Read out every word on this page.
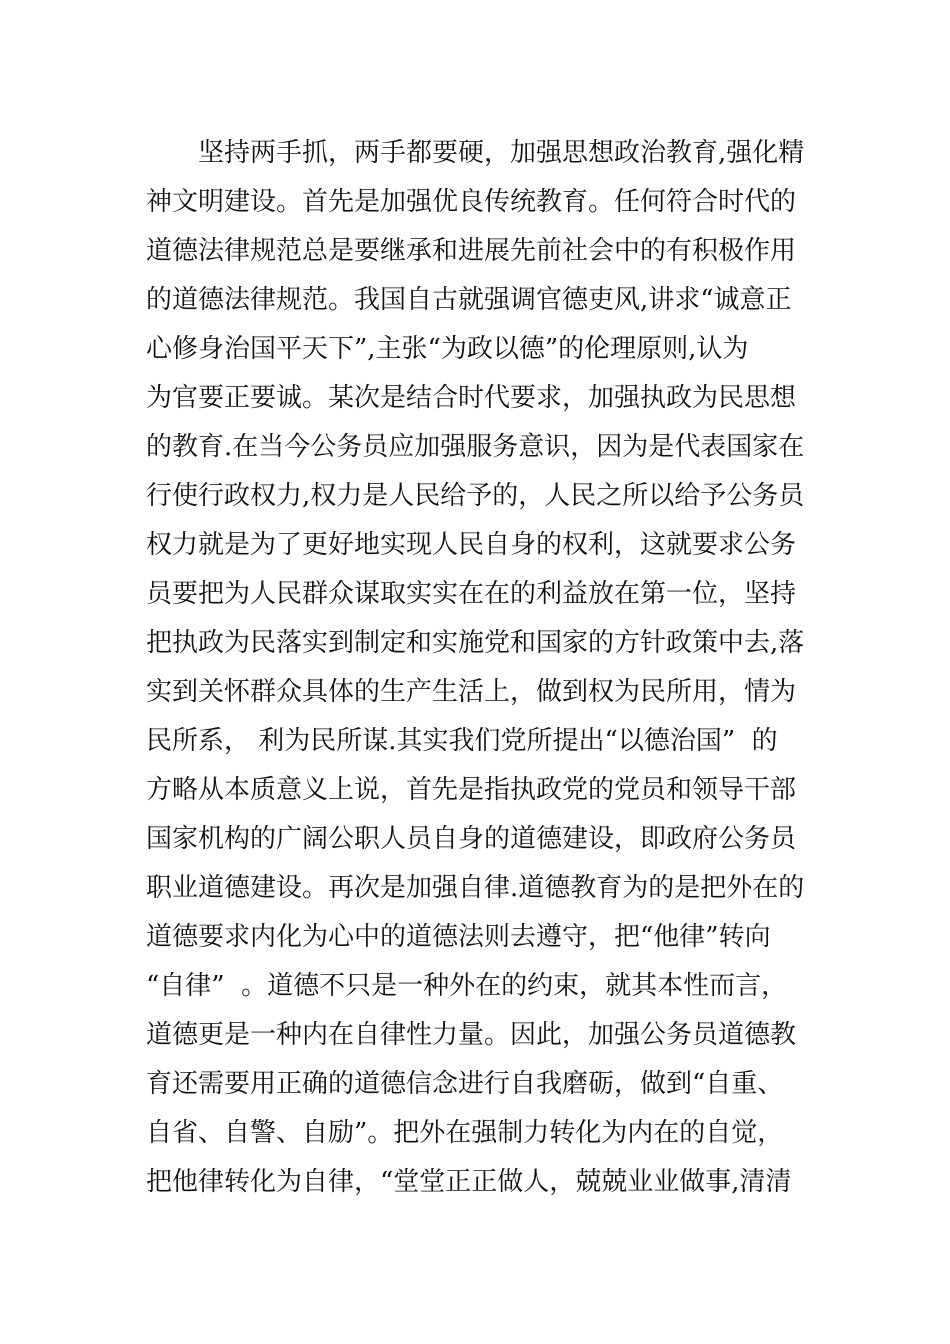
坚持两手抓，两手都要硬，加强思想政治教育,强化精
神文明建设。首先是加强优良传统教育。任何符合时代的
道德法律规范总是要继承和进展先前社会中的有积极作用
的道德法律规范。我国自古就强调官德吏风,讲求“诚意正
心修身治国平天下”,主张“为政以德”的伦理原则,认为
为官要正要诚。某次是结合时代要求，加强执政为民思想
的教育.在当今公务员应加强服务意识，因为是代表国家在
行使行政权力,权力是人民给予的，人民之所以给予公务员
权力就是为了更好地实现人民自身的权利，这就要求公务
员要把为人民群众谋取实实在在的利益放在第一位，坚持
把执政为民落实到制定和实施党和国家的方针政策中去,落
实到关怀群众具体的生产生活上，做到权为民所用，情为
民所系， 利为民所谋.其实我们党所提出“以德治国”  的
方略从本质意义上说，首先是指执政党的党员和领导干部
国家机构的广阔公职人员自身的道德建设，即政府公务员
职业道德建设。再次是加强自律.道德教育为的是把外在的
道德要求内化为心中的道德法则去遵守，把“他律”转向
“自律”  。道德不只是一种外在的约束，就其本性而言，
道德更是一种内在自律性力量。因此，加强公务员道德教
育还需要用正确的道德信念进行自我磨砺，做到“自重、
自省、自警、自励”。把外在强制力转化为内在的自觉，
把他律转化为自律，“堂堂正正做人，兢兢业业做事,清清
